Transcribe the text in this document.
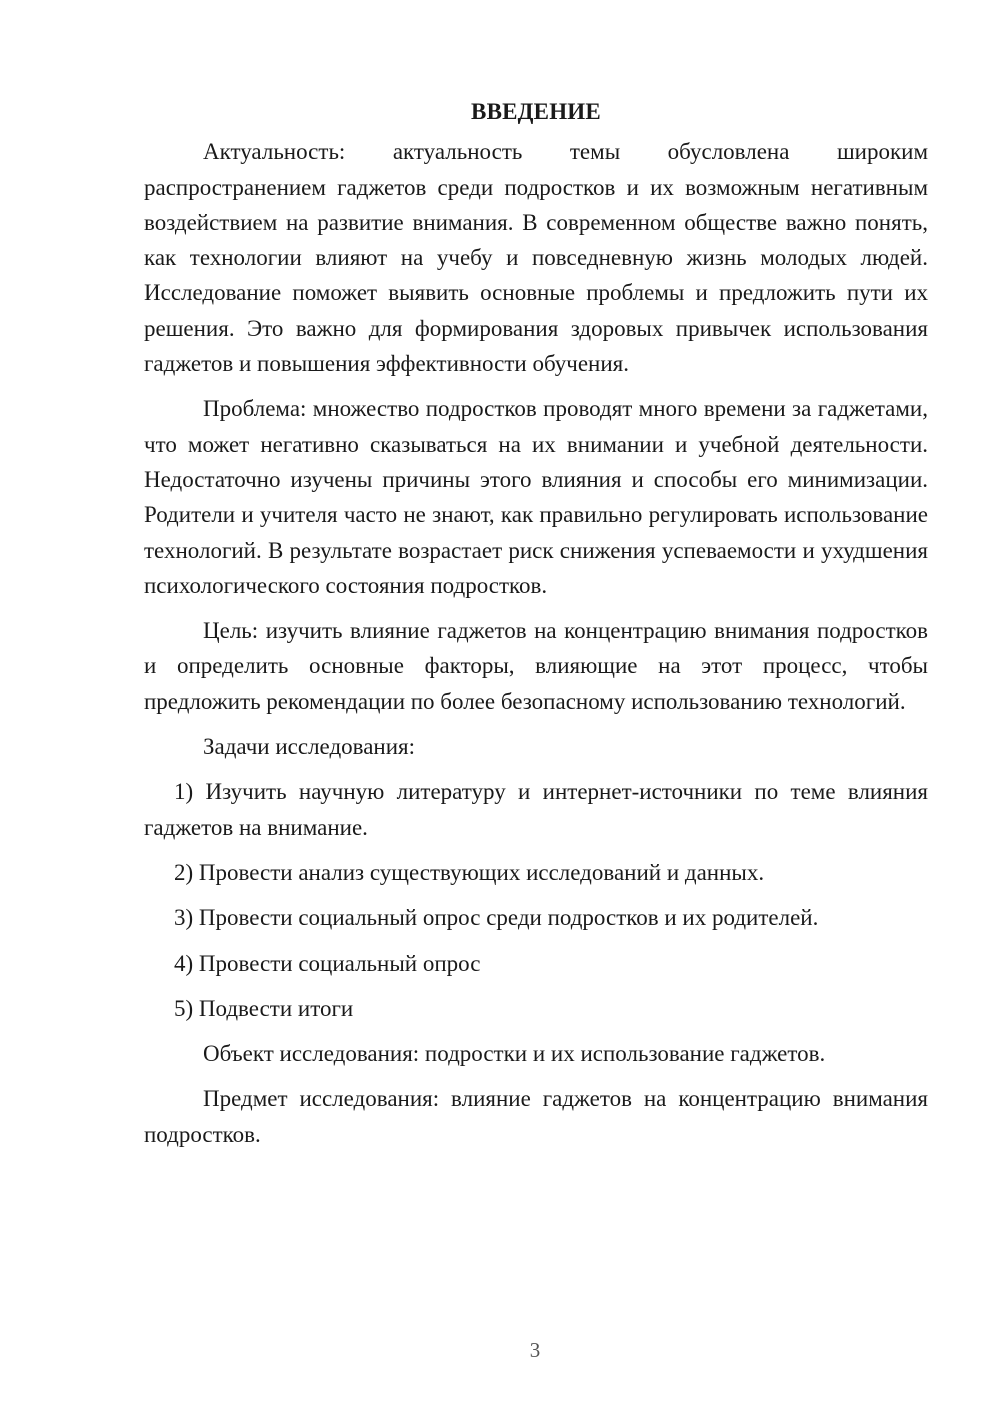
ВВЕДЕНИЕ

Актуальность: актуальность темы обусловлена широким распространением гаджетов среди подростков и их возможным негативным воздействием на развитие внимания. В современном обществе важно понять, как технологии влияют на учебу и повседневную жизнь молодых людей. Исследование поможет выявить основные проблемы и предложить пути их решения. Это важно для формирования здоровых привычек использования гаджетов и повышения эффективности обучения.

Проблема: множество подростков проводят много времени за гаджетами, что может негативно сказываться на их внимании и учебной деятельности. Недостаточно изучены причины этого влияния и способы его минимизации. Родители и учителя часто не знают, как правильно регулировать использование технологий. В результате возрастает риск снижения успеваемости и ухудшения психологического состояния подростков.

Цель: изучить влияние гаджетов на концентрацию внимания подростков и определить основные факторы, влияющие на этот процесс, чтобы предложить рекомендации по более безопасному использованию технологий.

Задачи исследования:

1) Изучить научную литературу и интернет-источники по теме влияния гаджетов на внимание.

2) Провести анализ существующих исследований и данных.

3) Провести социальный опрос среди подростков и их родителей.

4) Провести социальный опрос

5) Подвести итоги

Объект исследования: подростки и их использование гаджетов.

Предмет исследования: влияние гаджетов на концентрацию внимания подростков.

3
